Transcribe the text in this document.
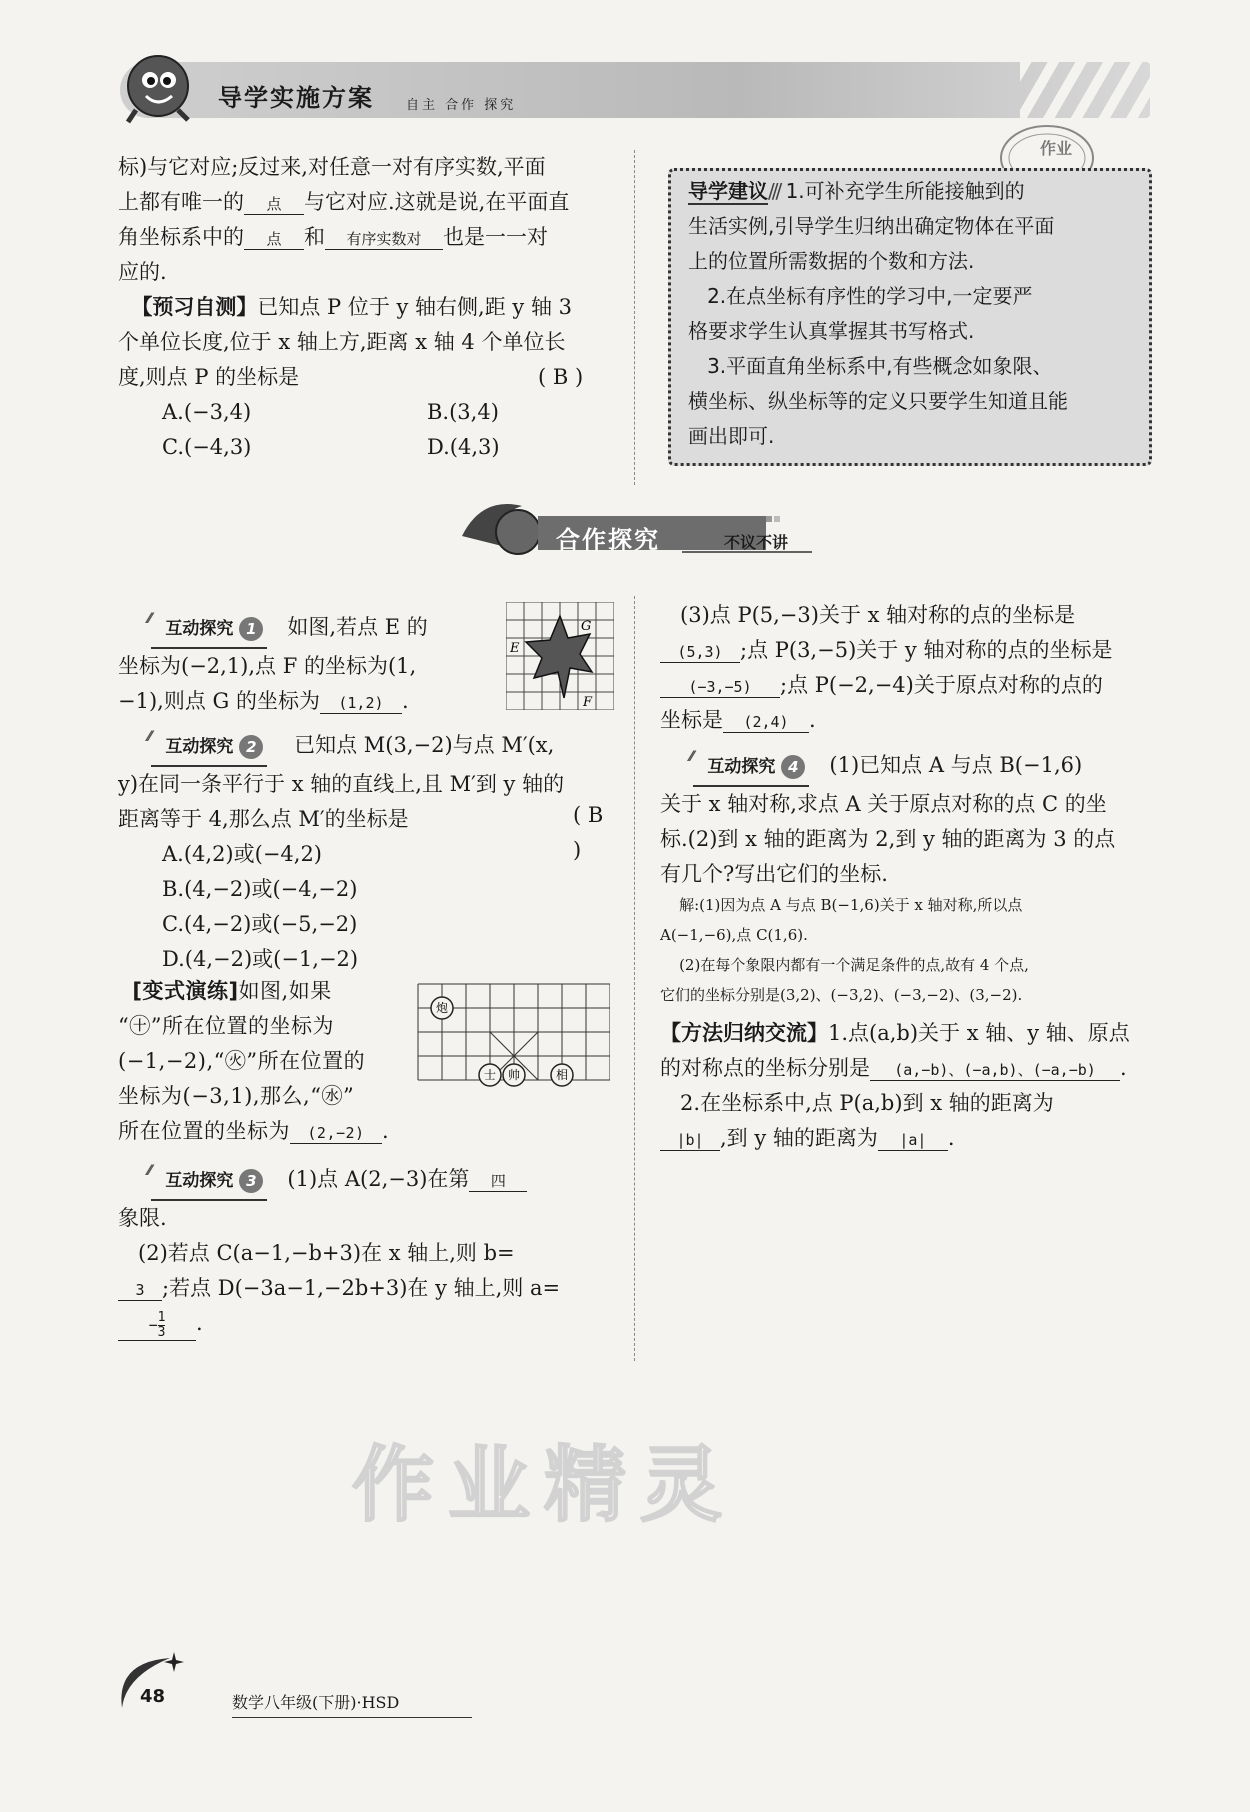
导学实施方案 自主 合作 探究
作业
标)与它对应;反过来,对任意一对有序实数,平面
上都有唯一的 点 与它对应.这就是说,在平面直
角坐标系中的 点 和 有序实数对 也是一一对
应的.
【预习自测】已知点 P 位于 y 轴右侧,距 y 轴 3
个单位长度,位于 x 轴上方,距离 x 轴 4 个单位长
度,则点 P 的坐标是	( B )
A.(−3,4)	B.(3,4)
C.(−4,3)	D.(4,3)
导学建议/// 1.可补充学生所能接触到的
生活实例,引导学生归纳出确定物体在平面
上的位置所需数据的个数和方法.
2.在点坐标有序性的学习中,一定要严
格要求学生认真掌握其书写格式.
3.平面直角坐标系中,有些概念如象限、
横坐标、纵坐标等的定义只要学生知道且能
画出即可.
合作探究	不议不讲
⁄⁄ 互动探究 1 如图,若点 E 的
坐标为(−2,1),点 F 的坐标为(1,
−1),则点 G 的坐标为 (1,2) .
E
G
F
⁄⁄ 互动探究 2 已知点 M(3,−2)与点 M′(x,
y)在同一条平行于 x 轴的直线上,且 M′到 y 轴的
距离等于 4,那么点 M′的坐标是	( B )

A.(4,2)或(−4,2)
B.(4,−2)或(−4,−2)
C.(4,−2)或(−5,−2)
D.(4,−2)或(−1,−2)
[变式演练]如图,如果
“㊉”所在位置的坐标为
(−1,−2),“㊋”所在位置的
坐标为(−3,1),那么,“㊌”
所在位置的坐标为 (2,−2) .
炮
士 帅	相
⁄⁄ 互动探究 3 (1)点 A(2,−3)在第 四
象限.
(2)若点 C(a−1,−b+3)在 x 轴上,则 b=
3 ;若点 D(−3a−1,−2b+3)在 y 轴上,则 a=
− $\frac{1}{3}$ .
(3)点 P(5,−3)关于 x 轴对称的点的坐标是
(5,3) ;点 P(3,−5)关于 y 轴对称的点的坐标是
(−3,−5) ;点 P(−2,−4)关于原点对称的点的
坐标是 (2,4) .
⁄⁄ 互动探究 4 (1)已知点 A 与点 B(−1,6)
关于 x 轴对称,求点 A 关于原点对称的点 C 的坐
标.(2)到 x 轴的距离为 2,到 y 轴的距离为 3 的点
有几个?写出它们的坐标.
解:(1)因为点 A 与点 B(−1,6)关于 x 轴对称,所以点
A(−1,−6),点 C(1,6).
(2)在每个象限内都有一个满足条件的点,故有 4 个点,
它们的坐标分别是(3,2)、(−3,2)、(−3,−2)、(3,−2).
【方法归纳交流】1.点(a,b)关于 x 轴、y 轴、原点
的对称点的坐标分别是 (a,−b)、(−a,b)、(−a,−b) .
2.在坐标系中,点 P(a,b)到 x 轴的距离为
|b| ,到 y 轴的距离为 |a| .
作业精灵
48	数学八年级(下册)·HSD
